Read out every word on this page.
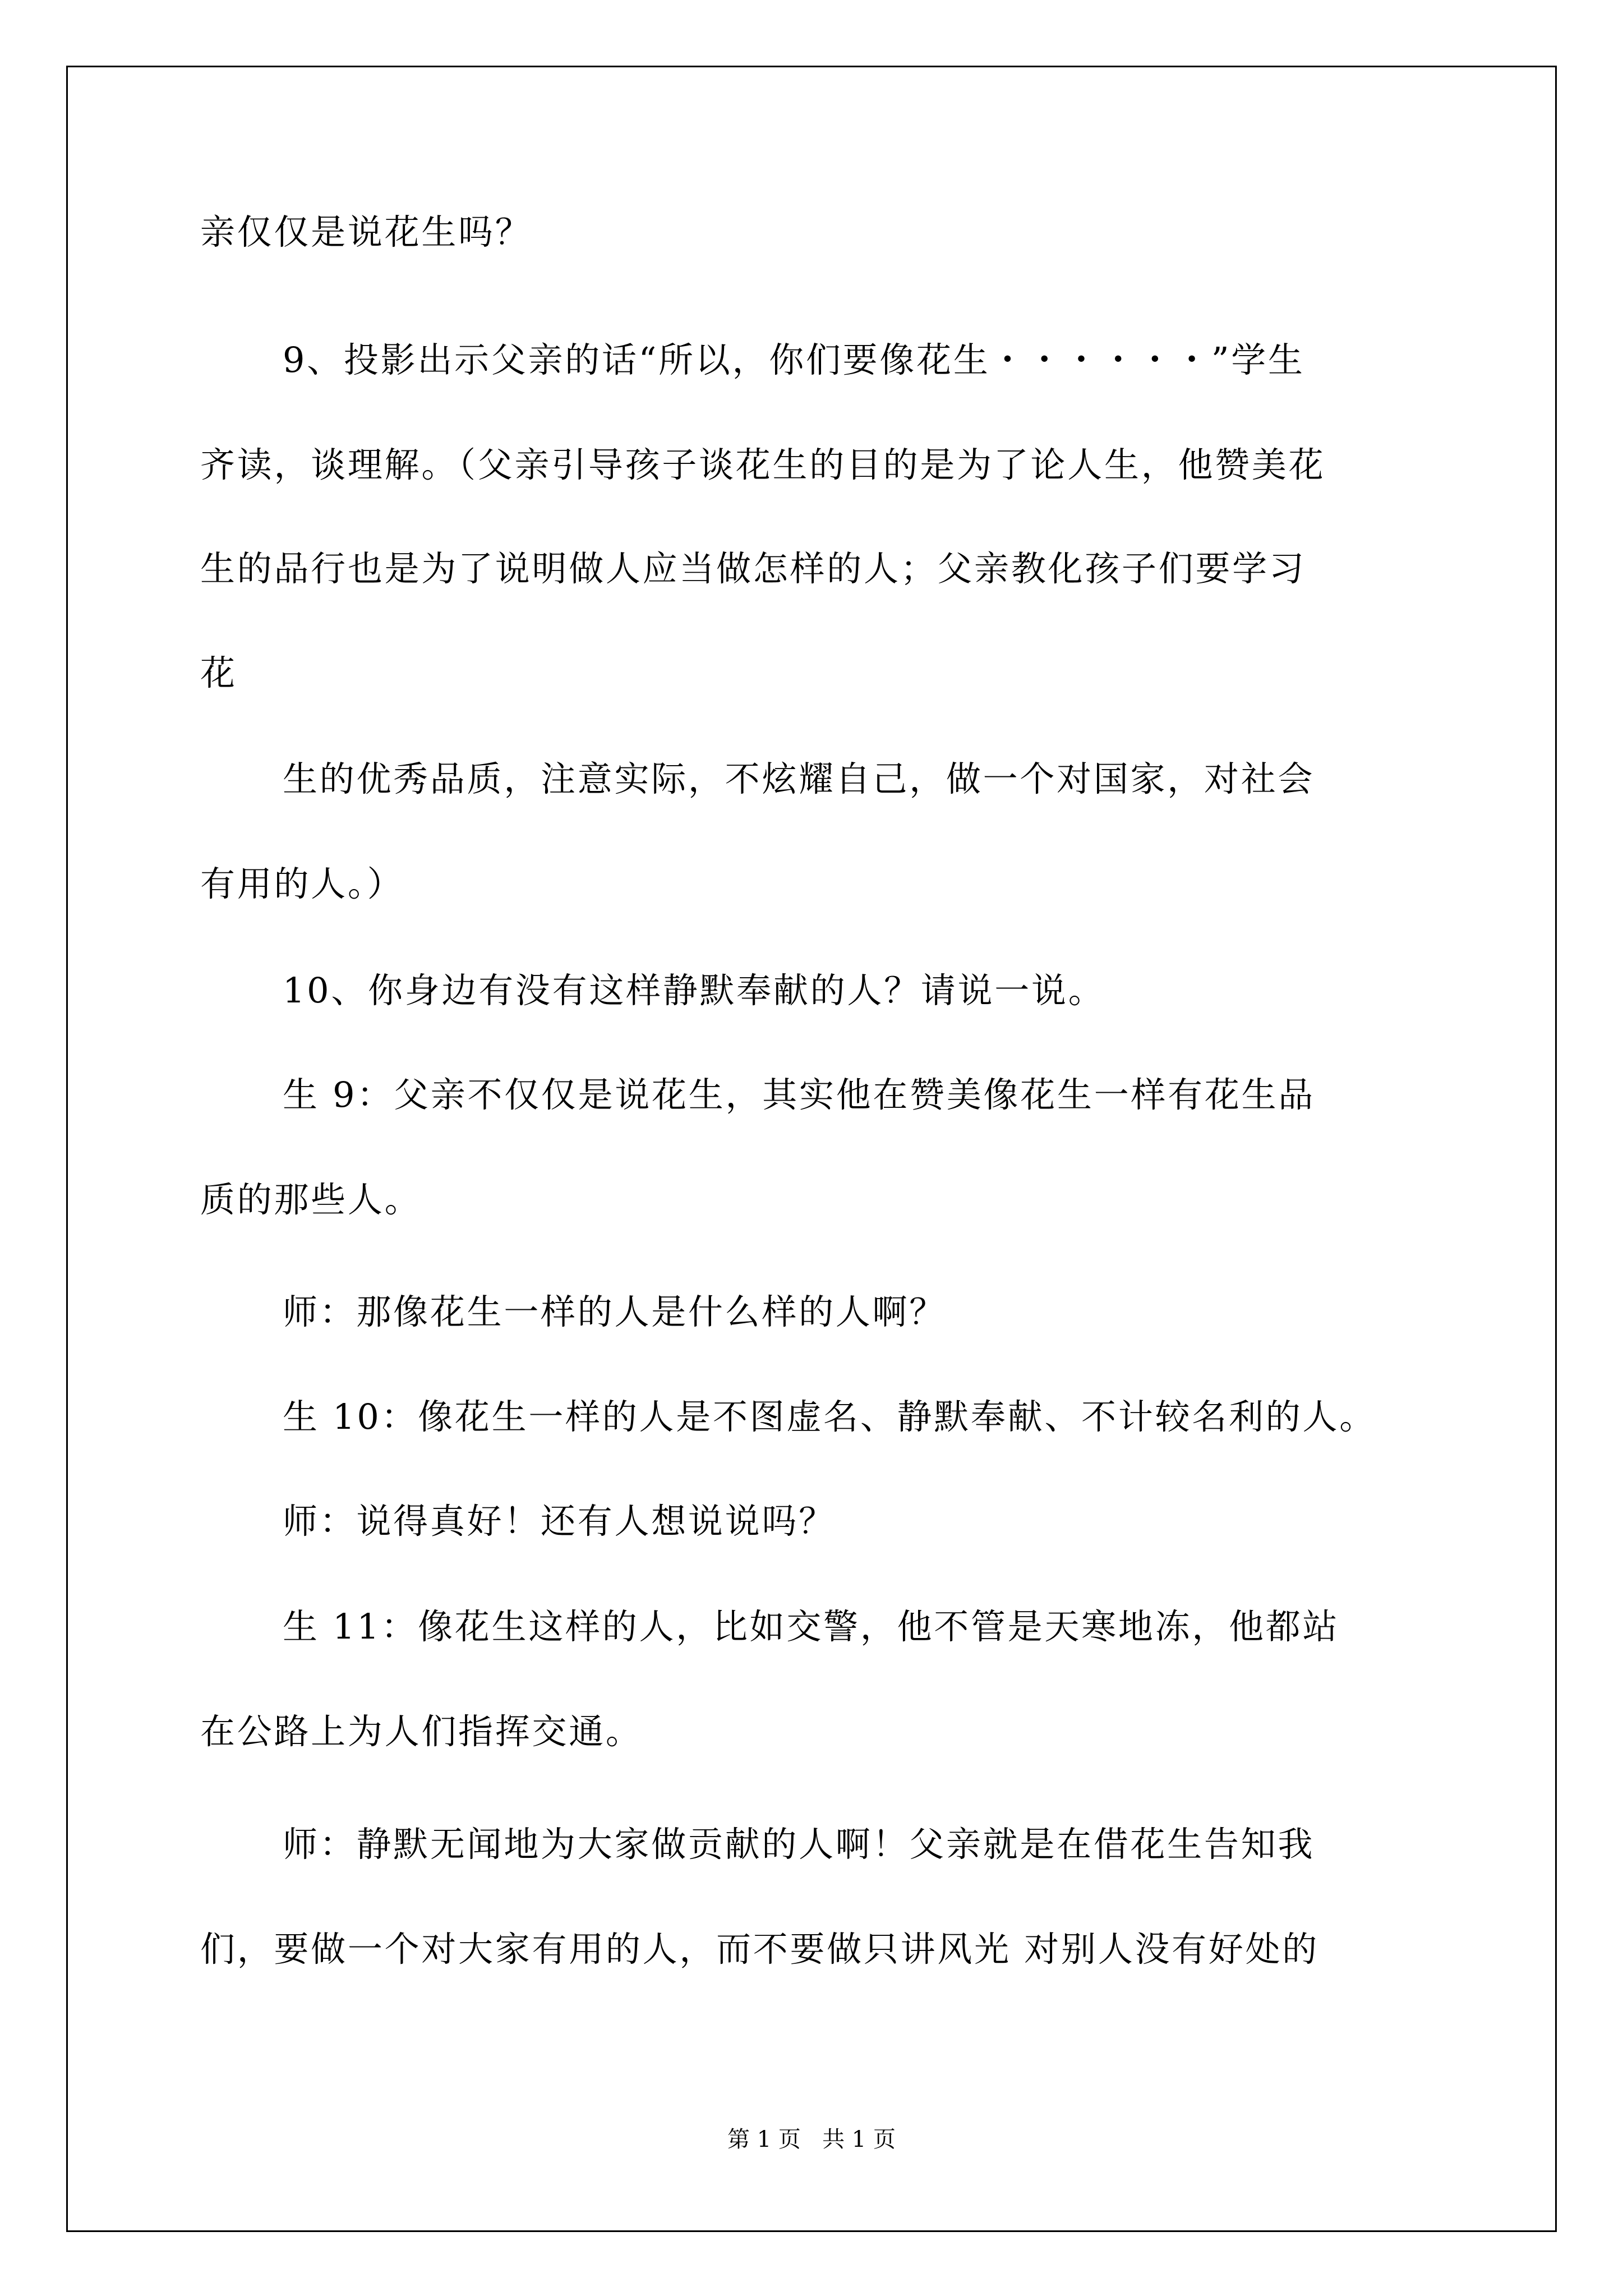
亲仅仅是说花生吗？
9、投影出示父亲的话“所以，你们要像花生・・・・・・”学生
齐读，谈理解。（父亲引导孩子谈花生的目的是为了论人生，他赞美花
生的品行也是为了说明做人应当做怎样的人；父亲教化孩子们要学习
花
生的优秀品质，注意实际，不炫耀自己，做一个对国家，对社会
有用的人。）
10、你身边有没有这样静默奉献的人？请说一说。
生 9：父亲不仅仅是说花生，其实他在赞美像花生一样有花生品
质的那些人。
师：那像花生一样的人是什么样的人啊？
生 10：像花生一样的人是不图虚名、静默奉献、不计较名利的人。
师：说得真好！还有人想说说吗？
生 11：像花生这样的人，比如交警，他不管是天寒地冻，他都站
在公路上为人们指挥交通。
师：静默无闻地为大家做贡献的人啊！父亲就是在借花生告知我
们，要做一个对大家有用的人，而不要做只讲风光 对别人没有好处的
第 1 页   共 1 页
